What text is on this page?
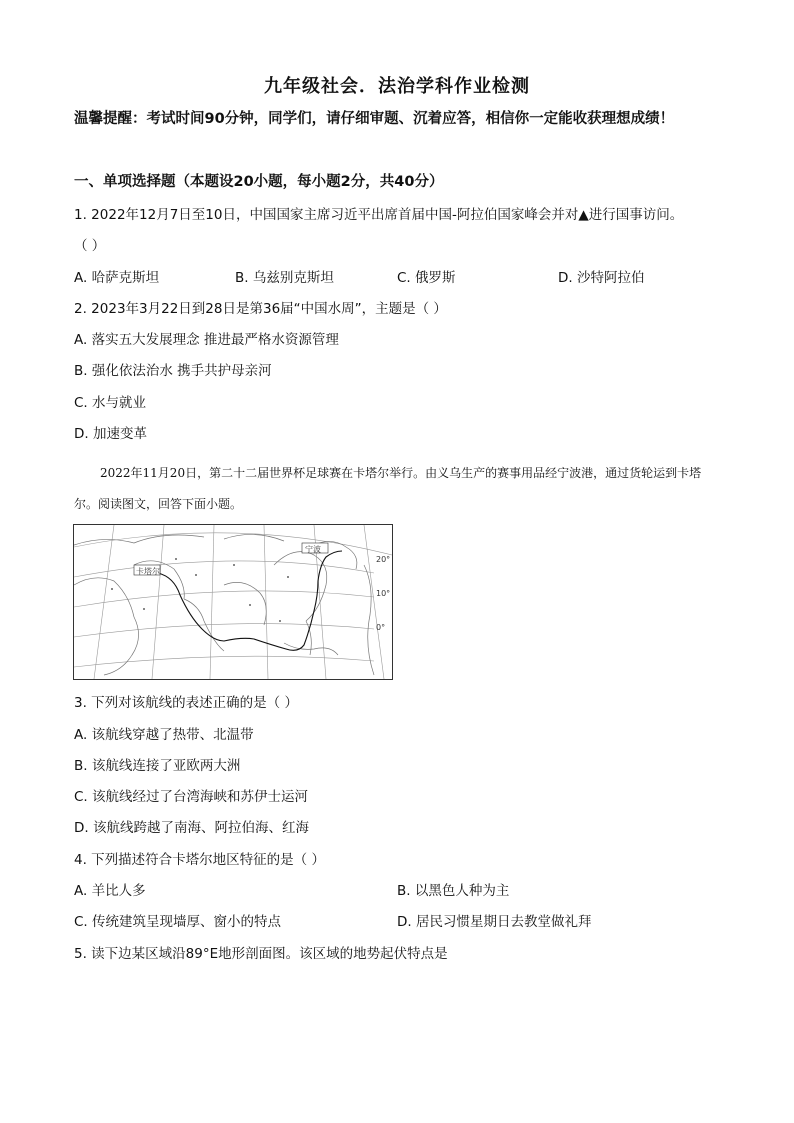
九年级社会．法治学科作业检测
温馨提醒：考试时间90分钟，同学们，请仔细审题、沉着应答，相信你一定能收获理想成绩！
一、单项选择题（本题设20小题，每小题2分，共40分）
1. 2022年12月7日至10日，中国国家主席习近平出席首届中国-阿拉伯国家峰会并对▲进行国事访问。
（ ）
A. 哈萨克斯坦	B. 乌兹别克斯坦	C. 俄罗斯	D. 沙特阿拉伯
2. 2023年3月22日到28日是第36届“中国水周”，主题是（ ）
A. 落实五大发展理念 推进最严格水资源管理
B. 强化依法治水 携手共护母亲河
C. 水与就业
D. 加速变革
2022年11月20日，第二十二届世界杯足球赛在卡塔尔举行。由义乌生产的赛事用品经宁波港，通过货轮运到卡塔尔。阅读图文，回答下面小题。
卡塔尔
宁波
20°
10°
0°
3. 下列对该航线的表述正确的是（ ）
A. 该航线穿越了热带、北温带
B. 该航线连接了亚欧两大洲
C. 该航线经过了台湾海峡和苏伊士运河
D. 该航线跨越了南海、阿拉伯海、红海
4. 下列描述符合卡塔尔地区特征的是（ ）
A. 羊比人多	B. 以黑色人种为主
C. 传统建筑呈现墙厚、窗小的特点	D. 居民习惯星期日去教堂做礼拜
5. 读下边某区域沿89°E地形剖面图。该区域的地势起伏特点是
